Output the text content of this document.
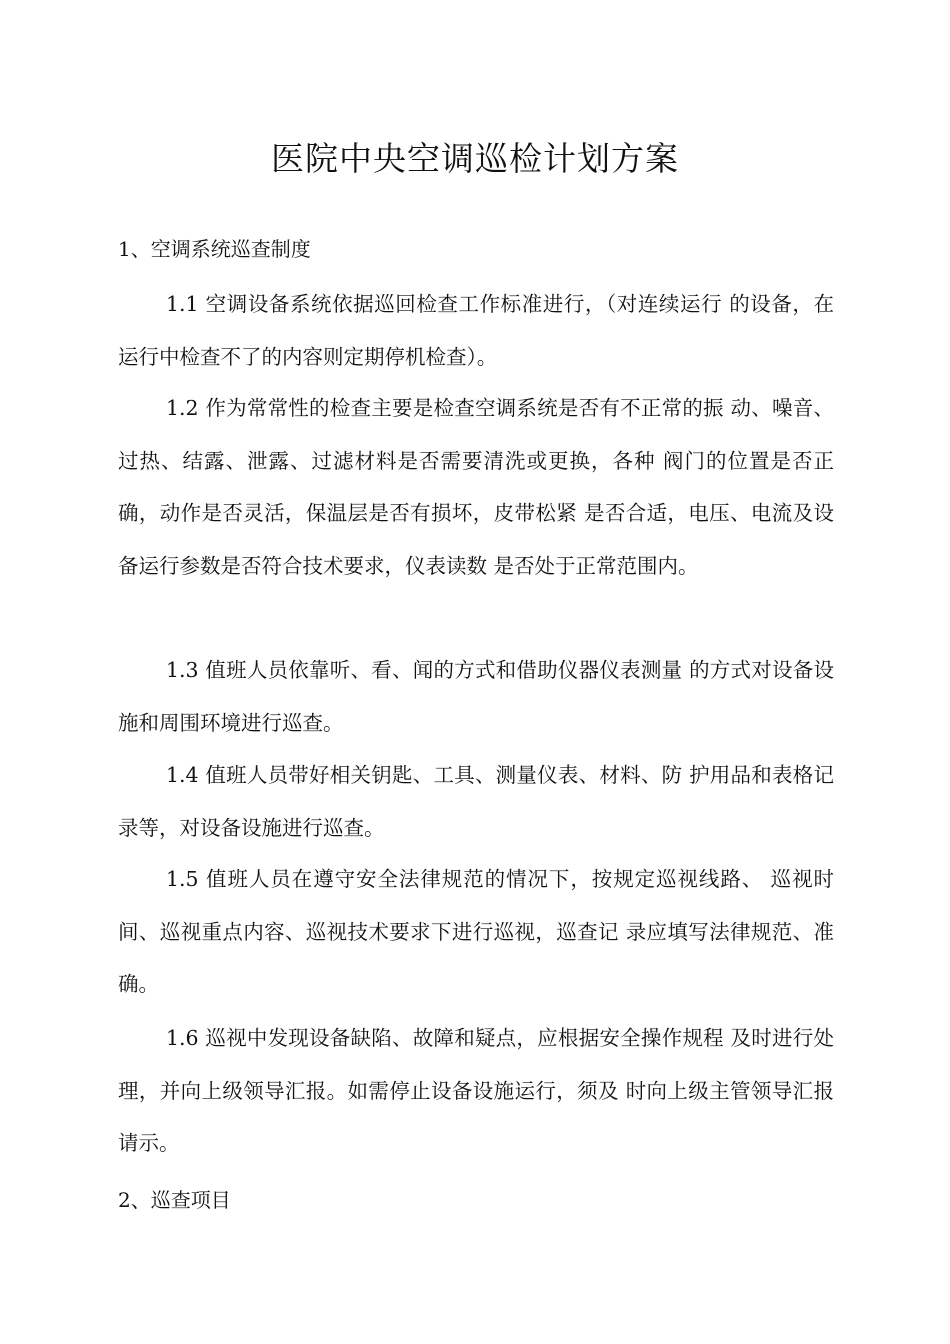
医院中央空调巡检计划方案

1、空调系统巡查制度

1.1 空调设备系统依据巡回检查工作标准进行，（对连续运行 的设备，在运行中检查不了的内容则定期停机检查）。

1.2 作为常常性的检查主要是检查空调系统是否有不正常的振 动、噪音、过热、结露、泄露、过滤材料是否需要清洗或更换，各种 阀门的位置是否正确，动作是否灵活，保温层是否有损坏，皮带松紧 是否合适，电压、电流及设备运行参数是否符合技术要求，仪表读数 是否处于正常范围内。

1.3 值班人员依靠听、看、闻的方式和借助仪器仪表测量 的方式对设备设施和周围环境进行巡查。

1.4 值班人员带好相关钥匙、工具、测量仪表、材料、防 护用品和表格记录等，对设备设施进行巡查。

1.5 值班人员在遵守安全法律规范的情况下，按规定巡视线路、 巡视时间、巡视重点内容、巡视技术要求下进行巡视，巡查记 录应填写法律规范、准确。

1.6 巡视中发现设备缺陷、故障和疑点，应根据安全操作规程 及时进行处理，并向上级领导汇报。如需停止设备设施运行，须及 时向上级主管领导汇报请示。

2、巡查项目
